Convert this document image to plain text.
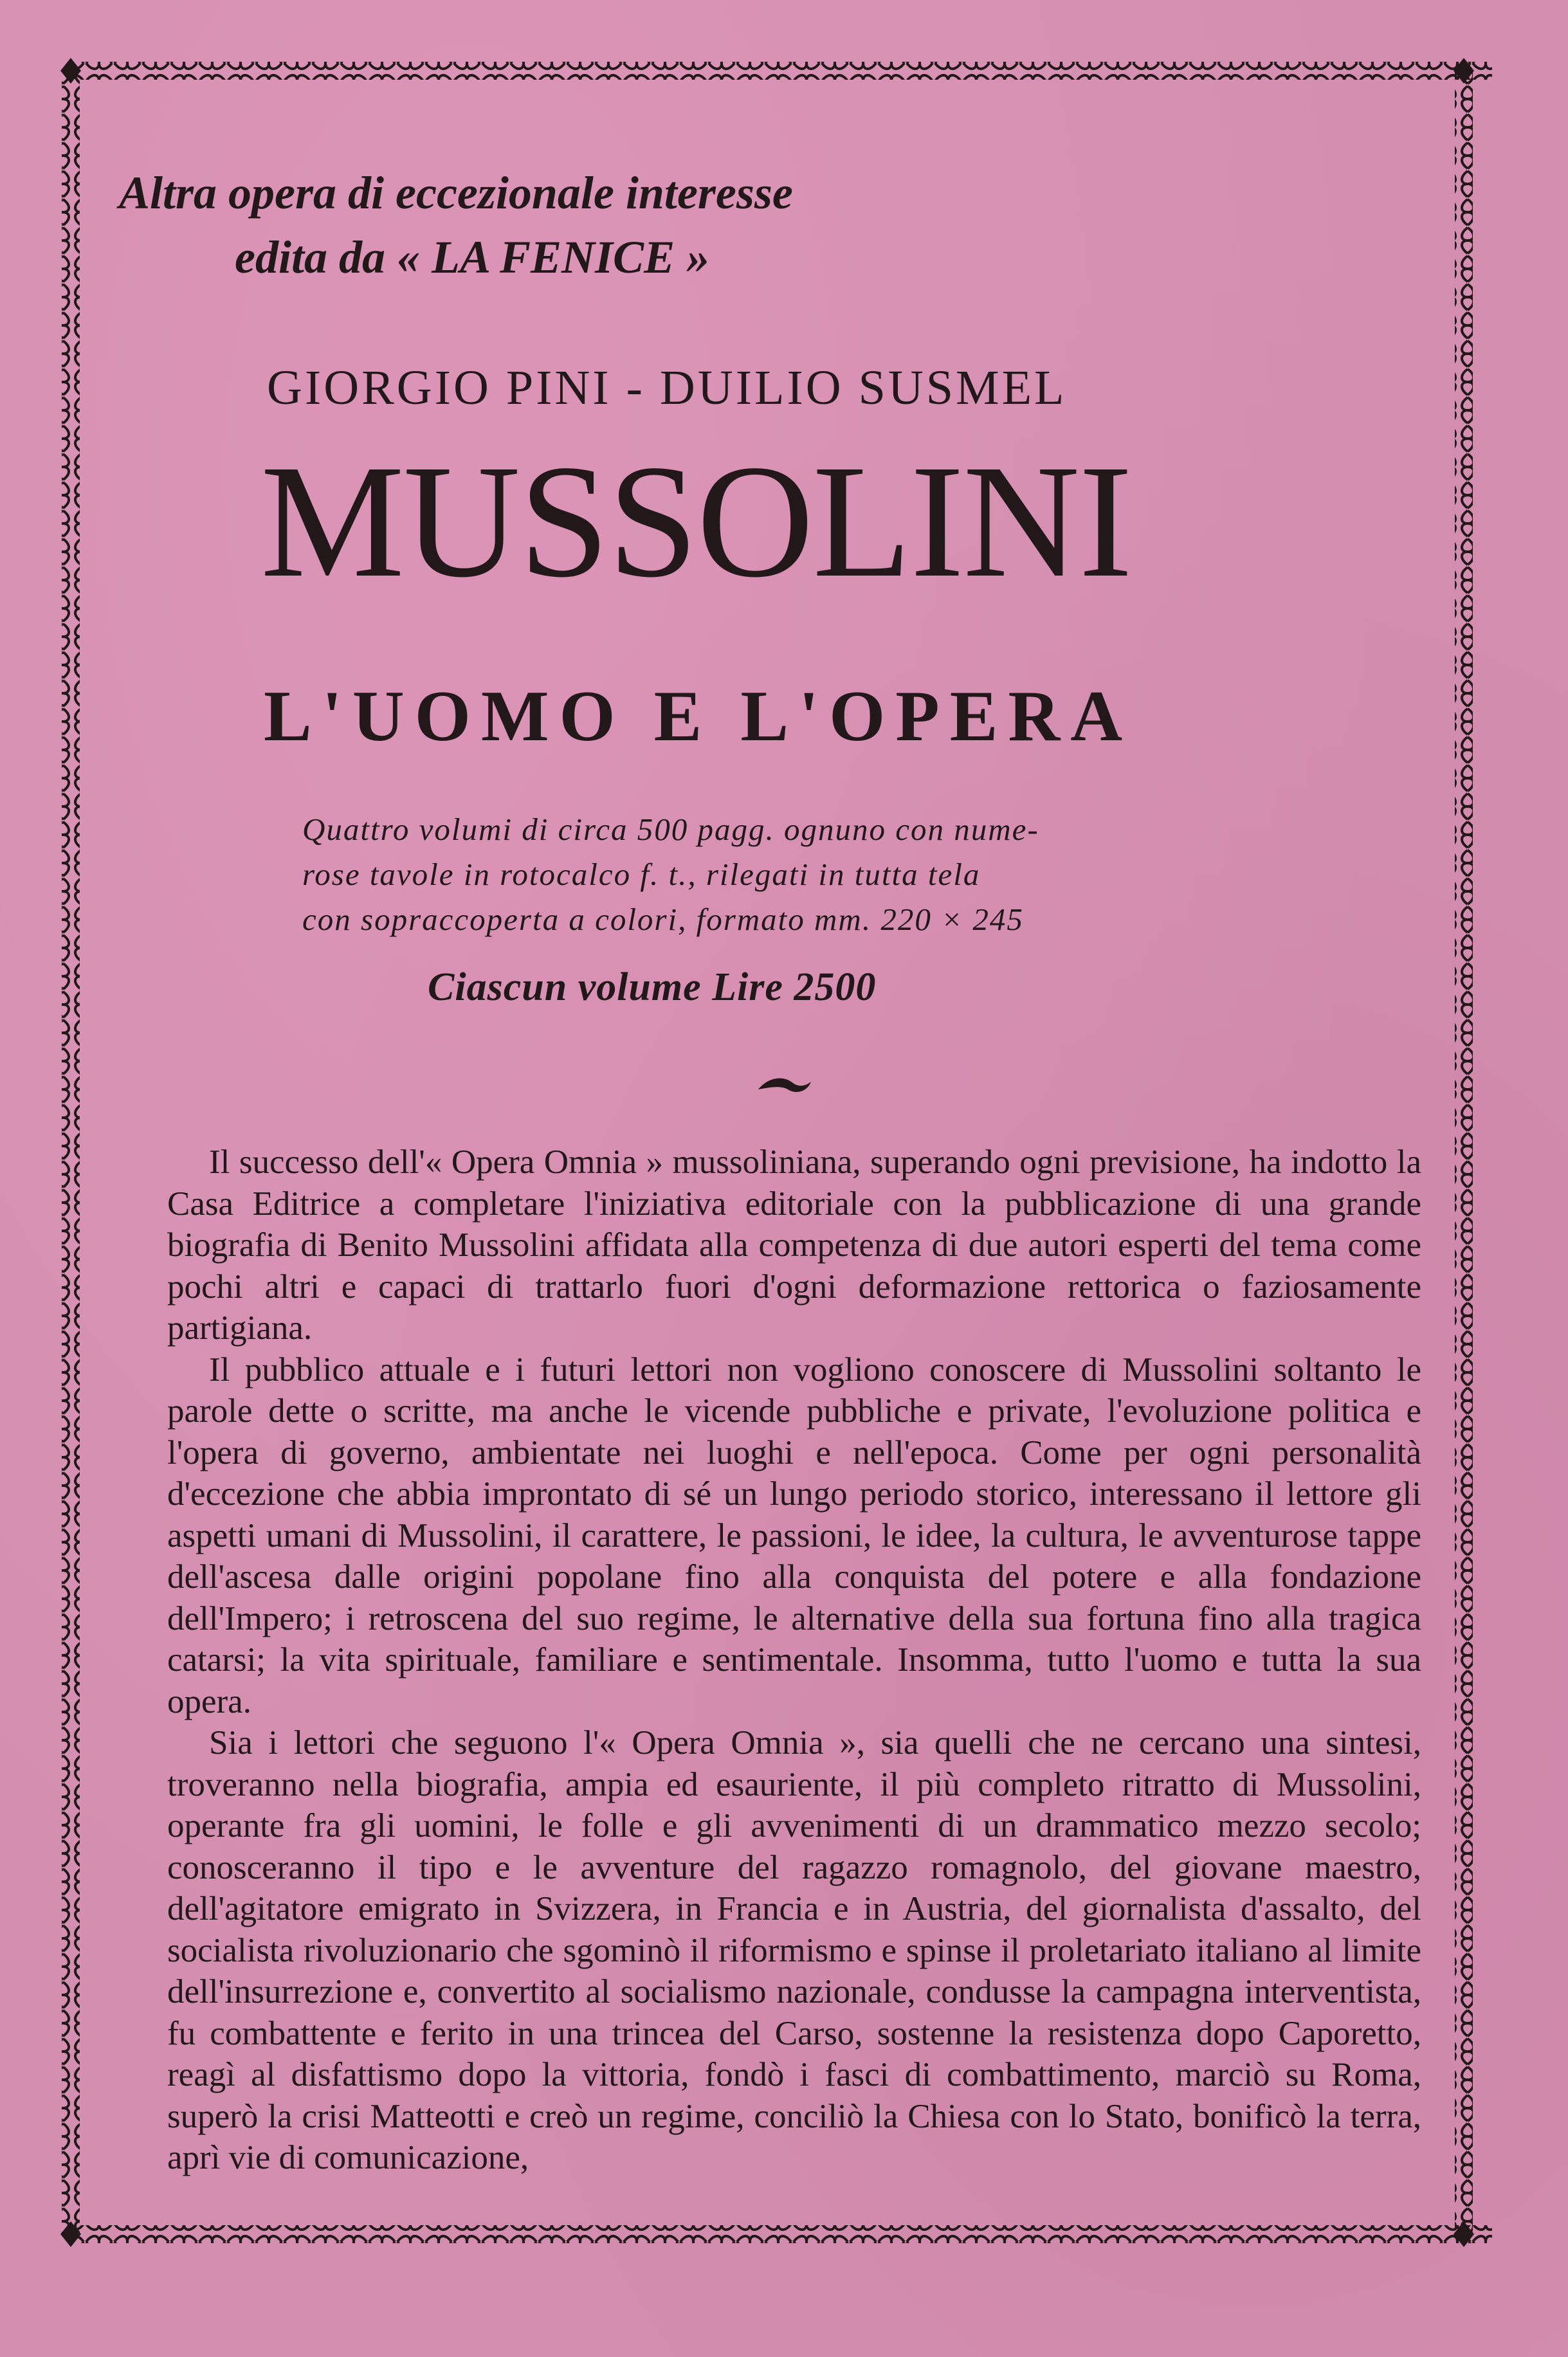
Altra opera di eccezionale interesse
edita da « LA FENICE »

GIORGIO PINI - DUILIO SUSMEL

MUSSOLINI
L'UOMO E L'OPERA

Quattro volumi di circa 500 pagg. ognuno con nume-
rose tavole in rotocalco f. t., rilegati in tutta tela
con sopraccoperta a colori, formato mm. 220 × 245

Ciascun volume Lire 2500

Il successo dell'« Opera Omnia » mussoliniana, superando ogni previsione, ha indotto la Casa Editrice a completare l'iniziativa editoriale con la pubblicazione di una grande biografia di Benito Mussolini affidata alla competenza di due autori esperti del tema come pochi altri e capaci di trattarlo fuori d'ogni deformazione rettorica o faziosamente partigiana.

Il pubblico attuale e i futuri lettori non vogliono conoscere di Mussolini soltanto le parole dette o scritte, ma anche le vicende pubbliche e private, l'evoluzione politica e l'opera di governo, ambientate nei luoghi e nell'epoca. Come per ogni personalità d'eccezione che abbia improntato di sé un lungo periodo storico, interessano il lettore gli aspetti umani di Mussolini, il carattere, le passioni, le idee, la cultura, le avventurose tappe dell'ascesa dalle origini popolane fino alla conquista del potere e alla fondazione dell'Impero; i retroscena del suo regime, le alternative della sua fortuna fino alla tragica catarsi; la vita spirituale, familiare e sentimentale. Insomma, tutto l'uomo e tutta la sua opera.

Sia i lettori che seguono l'« Opera Omnia », sia quelli che ne cercano una sintesi, troveranno nella biografia, ampia ed esauriente, il più completo ritratto di Mussolini, operante fra gli uomini, le folle e gli avvenimenti di un drammatico mezzo secolo; conosceranno il tipo e le avventure del ragazzo romagnolo, del giovane maestro, dell'agitatore emigrato in Svizzera, in Francia e in Austria, del giornalista d'assalto, del socialista rivoluzionario che sgominò il riformismo e spinse il proletariato italiano al limite dell'insurrezione e, convertito al socialismo nazionale, condusse la campagna interventista, fu combattente e ferito in una trincea del Carso, sostenne la resistenza dopo Caporetto, reagì al disfattismo dopo la vittoria, fondò i fasci di combattimento, marciò su Roma, superò la crisi Matteotti e creò un regime, conciliò la Chiesa con lo Stato, bonificò la terra, aprì vie di comunicazione,
